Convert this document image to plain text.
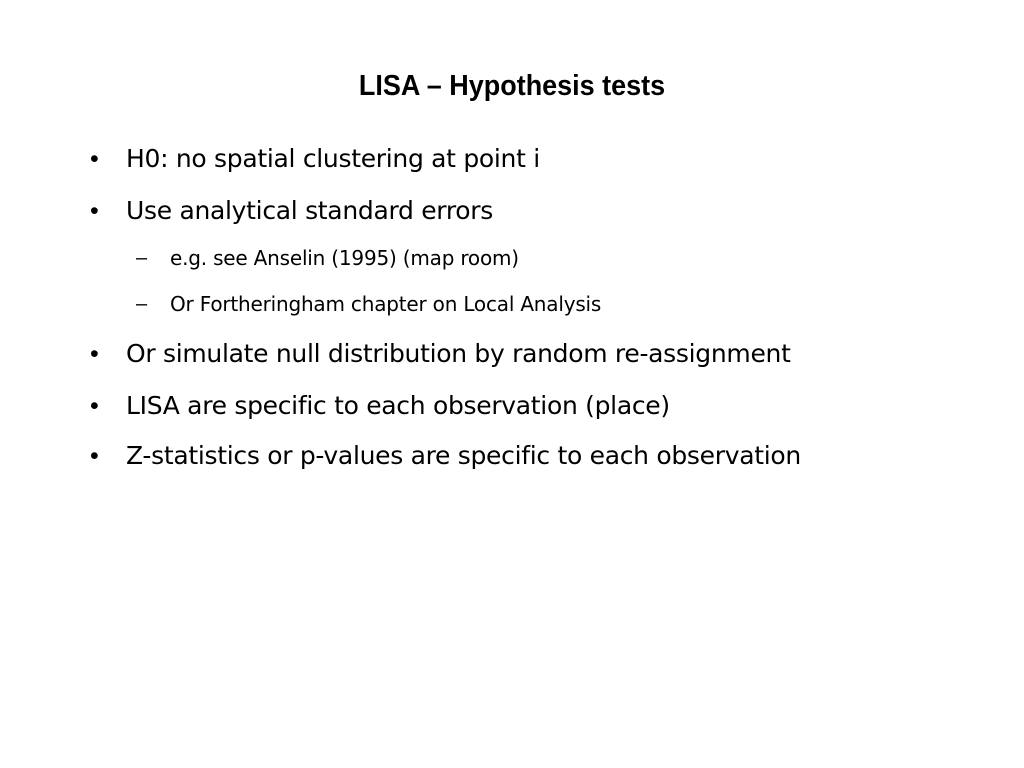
LISA – Hypothesis tests
• H0: no spatial clustering at point i
• Use analytical standard errors
– e.g. see Anselin (1995) (map room)
– Or Fortheringham chapter on Local Analysis
• Or simulate null distribution by random re-assignment
• LISA are specific to each observation (place)
• Z-statistics or p-values are specific to each observation
